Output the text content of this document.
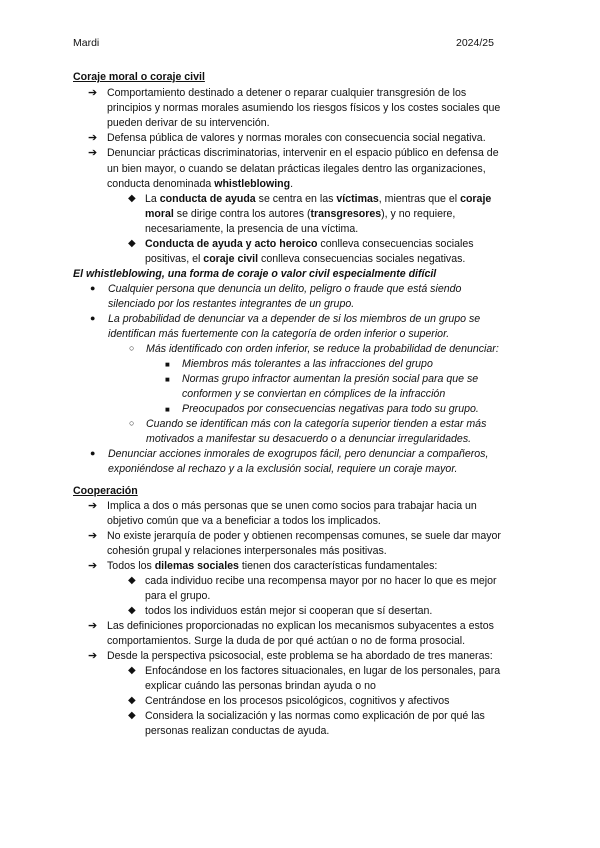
Mardi	2024/25
Coraje moral o coraje civil
➔ Comportamiento destinado a detener o reparar cualquier transgresión de los
principios y normas morales asumiendo los riesgos físicos y los costes sociales que
pueden derivar de su intervención.
➔ Defensa pública de valores y normas morales con consecuencia social negativa.
➔ Denunciar prácticas discriminatorias, intervenir en el espacio público en defensa de
un bien mayor, o cuando se delatan prácticas ilegales dentro las organizaciones,
conducta denominada whistleblowing.
◆ La conducta de ayuda se centra en las víctimas, mientras que el coraje
moral se dirige contra los autores (transgresores), y no requiere,
necesariamente, la presencia de una víctima.
◆ Conducta de ayuda y acto heroico conlleva consecuencias sociales
positivas, el coraje civil conlleva consecuencias sociales negativas.
El whistleblowing, una forma de coraje o valor civil especialmente difícil
● Cualquier persona que denuncia un delito, peligro o fraude que está siendo
silenciado por los restantes integrantes de un grupo.
● La probabilidad de denunciar va a depender de si los miembros de un grupo se
identifican más fuertemente con la categoría de orden inferior o superior.
○ Más identificado con orden inferior, se reduce la probabilidad de denunciar:
■ Miembros más tolerantes a las infracciones del grupo
■ Normas grupo infractor aumentan la presión social para que se
conformen y se conviertan en cómplices de la infracción
■ Preocupados por consecuencias negativas para todo su grupo.
○ Cuando se identifican más con la categoría superior tienden a estar más
motivados a manifestar su desacuerdo o a denunciar irregularidades.
● Denunciar acciones inmorales de exogrupos fácil, pero denunciar a compañeros,
exponiéndose al rechazo y a la exclusión social, requiere un coraje mayor.
Cooperación
➔ Implica a dos o más personas que se unen como socios para trabajar hacia un
objetivo común que va a beneficiar a todos los implicados.
➔ No existe jerarquía de poder y obtienen recompensas comunes, se suele dar mayor
cohesión grupal y relaciones interpersonales más positivas.
➔ Todos los dilemas sociales tienen dos características fundamentales:
◆ cada individuo recibe una recompensa mayor por no hacer lo que es mejor
para el grupo.
◆ todos los individuos están mejor si cooperan que sí desertan.
➔ Las definiciones proporcionadas no explican los mecanismos subyacentes a estos
comportamientos. Surge la duda de por qué actúan o no de forma prosocial.
➔ Desde la perspectiva psicosocial, este problema se ha abordado de tres maneras:
◆ Enfocándose en los factores situacionales, en lugar de los personales, para
explicar cuándo las personas brindan ayuda o no
◆ Centrándose en los procesos psicológicos, cognitivos y afectivos
◆ Considera la socialización y las normas como explicación de por qué las
personas realizan conductas de ayuda.
